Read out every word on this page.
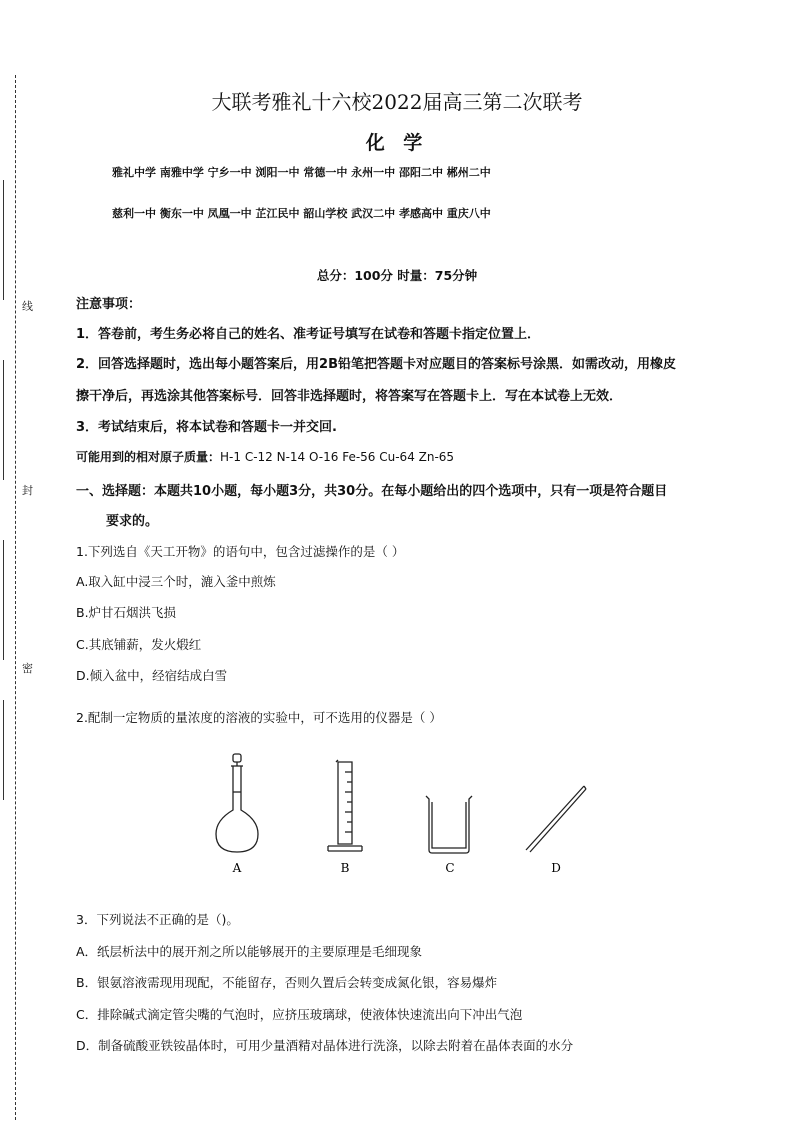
线
封
密
大联考雅礼十六校2022届高三第二次联考
化 学
雅礼中学 南雅中学 宁乡一中 浏阳一中 常德一中 永州一中 邵阳二中 郴州二中
慈利一中 衡东一中 凤凰一中 芷江民中 韶山学校 武汉二中 孝感高中 重庆八中
总分：100分 时量：75分钟
注意事项：
1．答卷前，考生务必将自己的姓名、准考证号填写在试卷和答题卡指定位置上．
2．回答选择题时，选出每小题答案后，用2B铅笔把答题卡对应题目的答案标号涂黑．如需改动，用橡皮
擦干净后，再选涂其他答案标号．回答非选择题时，将答案写在答题卡上．写在本试卷上无效．
3．考试结束后，将本试卷和答题卡一并交回.
可能用到的相对原子质量：H-1 C-12 N-14 O-16 Fe-56 Cu-64 Zn-65
一、选择题：本题共10小题，每小题3分，共30分。在每小题给出的四个选项中，只有一项是符合题目
要求的。
1.下列选自《天工开物》的语句中，包含过滤操作的是（ ）
A.取入缸中浸三个时，漉入釜中煎炼
B.炉甘石烟洪飞损
C.其底铺薪，发火煅红
D.倾入盆中，经宿结成白雪
2.配制一定物质的量浓度的溶液的实验中，可不选用的仪器是（ ）
A	B	C	D
3．下列说法不正确的是（)。
A．纸层析法中的展开剂之所以能够展开的主要原理是毛细现象
B．银氨溶液需现用现配，不能留存，否则久置后会转变成氮化银，容易爆炸
C．排除碱式滴定管尖嘴的气泡时，应挤压玻璃球，使液体快速流出向下冲出气泡
D．制备硫酸亚铁铵晶体时，可用少量酒精对晶体进行洗涤，以除去附着在晶体表面的水分
